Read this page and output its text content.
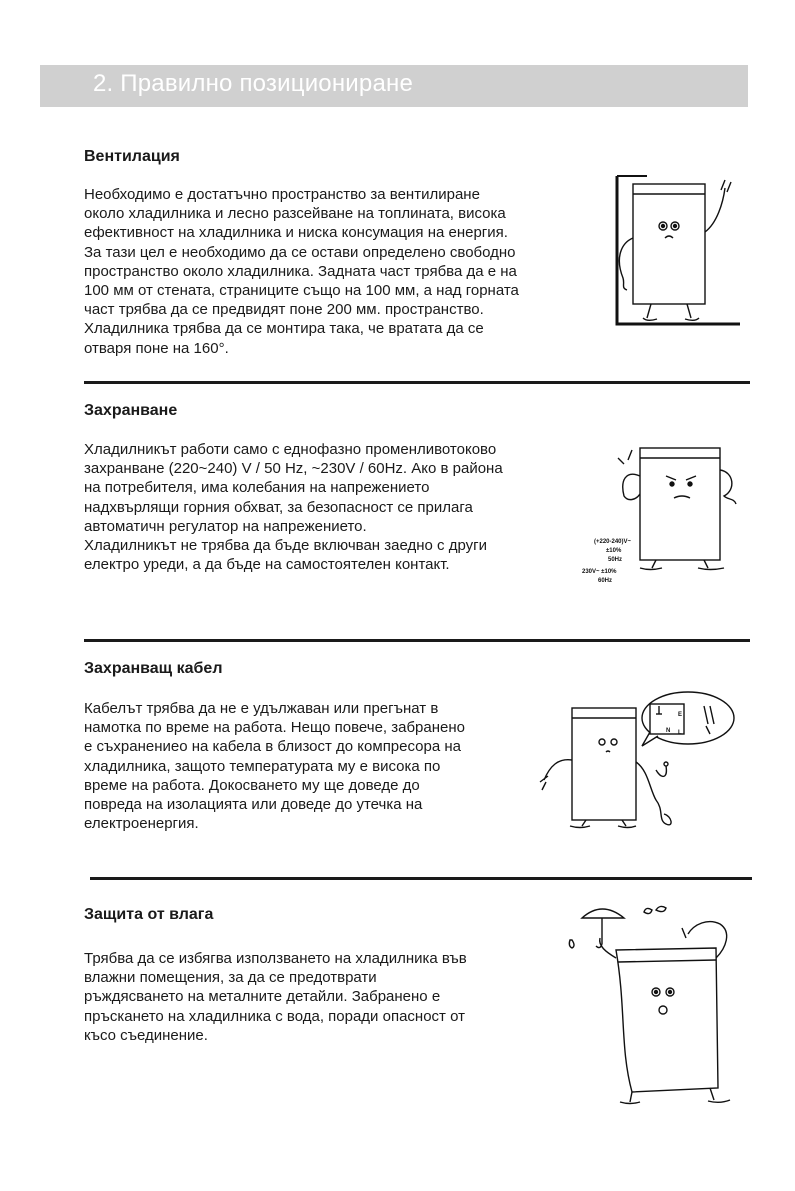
2. Правилно позициониране
Вентилация
Необходимо е достатъчно пространство за вентилиране
около хладилника и лесно разсейване на топлината, висока
ефективност на хладилника и ниска консумация на енергия.
За тази цел е необходимо да се остави определено свободно
пространство около хладилника. Задната част трябва да е на
100 мм от стената, страниците също на 100 мм, а над горната
част трябва да се предвидят поне 200 мм. пространство.
Хладилника трябва да се монтира така, че вратата да се
отваря поне на 160°.
Захранване
Хладилникът работи само с еднофазно променливотоково
захранване (220~240) V / 50 Hz, ~230V / 60Hz. Ако в района
на потребителя, има колебания на напрежението
надхвърлящи горния обхват, за безопасност се прилага
автоматичн регулатор на напрежението.
Хладилникът не трябва да бъде включван заедно с други
електро уреди, а да бъде на самостоятелен контакт.
(+220-240)V~
±10%
50Hz
230V~ ±10%
60Hz
Захранващ кабел
Кабелът трябва да не е удължаван или прегънат в
намотка по време на работа. Нещо повече, забранено
е съхранениео на кабела в близост до компресора на
хладилника, защото температурата му е висока по
време на работа. Докосването му ще доведе до
повреда на изолацията или доведе до утечка на
електроенергия.
E
N L
Защита от влага
Трябва да се избягва използването на хладилника във
влажни помещения, за да се предотврати
ръждясването на металните детайли. Забранено е
пръскането на хладилника с вода, поради опасност от
късо съединение.
